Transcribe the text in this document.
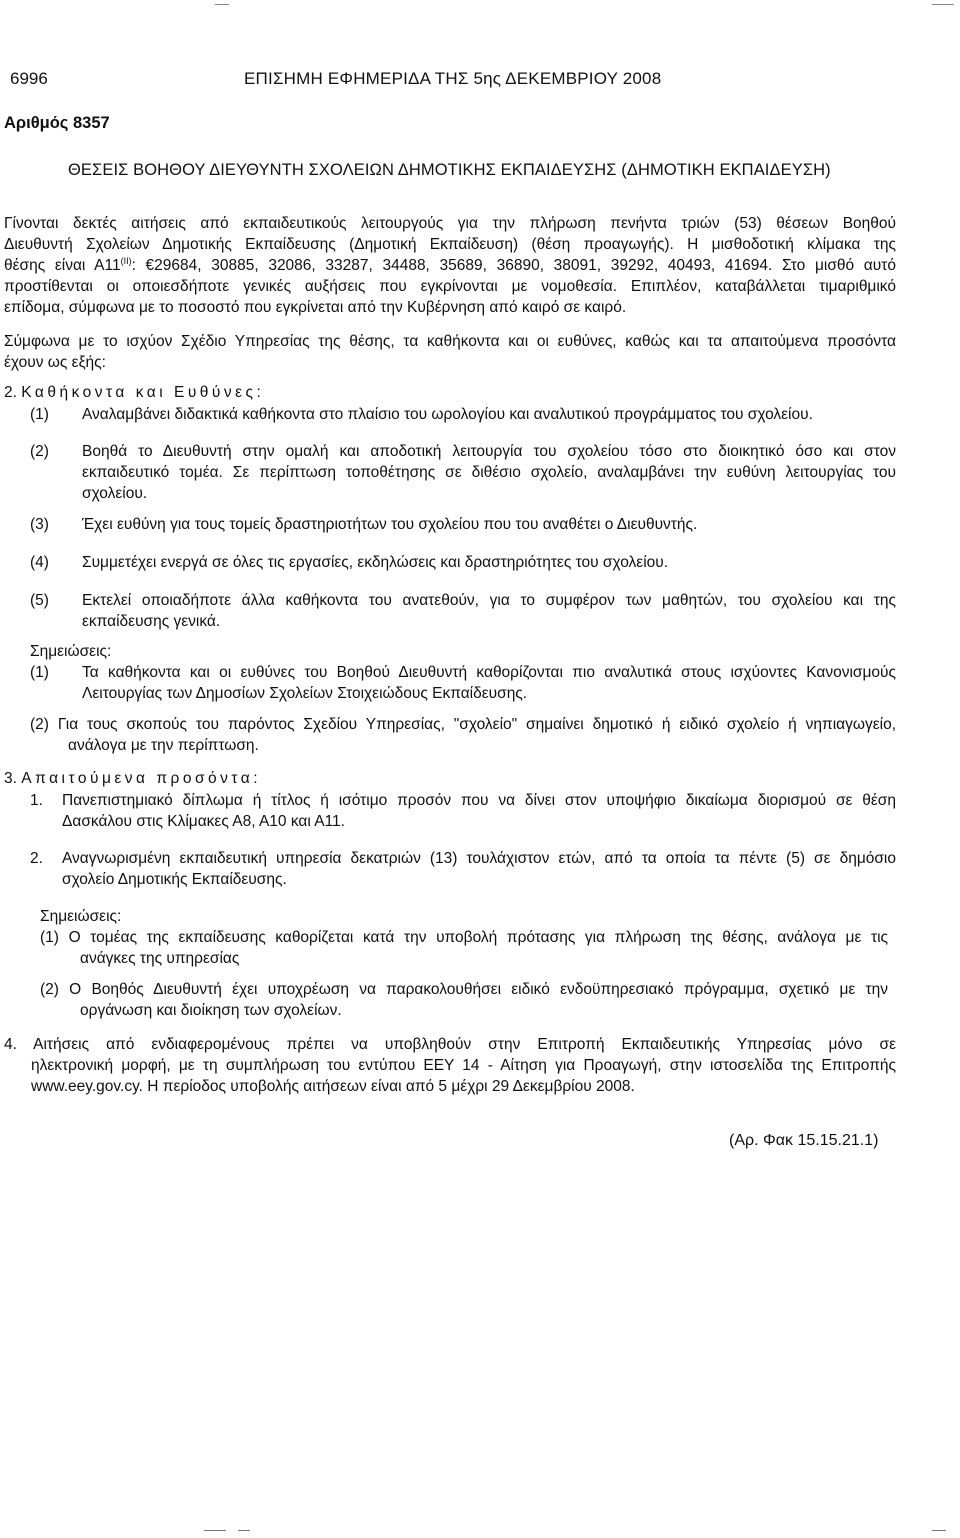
6996	ΕΠΙΣΗΜΗ ΕΦΗΜΕΡΙΔΑ ΤΗΣ 5ης ΔΕΚΕΜΒΡΙΟΥ 2008
Αριθμός 8357
ΘΕΣΕΙΣ ΒΟΗΘΟΥ ΔΙΕΥΘΥΝΤΗ ΣΧΟΛΕΙΩΝ ΔΗΜΟΤΙΚΗΣ ΕΚΠΑΙΔΕΥΣΗΣ (ΔΗΜΟΤΙΚΗ ΕΚΠΑΙΔΕΥΣΗ)
Γίνονται δεκτές αιτήσεις από εκπαιδευτικούς λειτουργούς για την πλήρωση πενήντα τριών (53) θέσεων Βοηθού
Διευθυντή Σχολείων Δημοτικής Εκπαίδευσης (Δημοτική Εκπαίδευση) (θέση προαγωγής). Η μισθοδοτική κλίμακα της
θέσης είναι $A11^{(II)}$: €29684, 30885, 32086, 33287, 34488, 35689, 36890, 38091, 39292, 40493, 41694. Στο μισθό αυτό
προστίθενται οι οποιεσδήποτε γενικές αυξήσεις που εγκρίνονται με νομοθεσία. Επιπλέον, καταβάλλεται τιμαριθμικό
επίδομα, σύμφωνα με το ποσοστό που εγκρίνεται από την Κυβέρνηση από καιρό σε καιρό.
Σύμφωνα με το ισχύον Σχέδιο Υπηρεσίας της θέσης, τα καθήκοντα και οι ευθύνες, καθώς και τα απαιτούμενα προσόντα
έχουν ως εξής:
2. Καθήκοντα και Ευθύνες:
(1) Αναλαμβάνει διδακτικά καθήκοντα στο πλαίσιο του ωρολογίου και αναλυτικού προγράμματος του σχολείου.
(2) Βοηθά το Διευθυντή στην ομαλή και αποδοτική λειτουργία του σχολείου τόσο στο διοικητικό όσο και στον
εκπαιδευτικό τομέα. Σε περίπτωση τοποθέτησης σε διθέσιο σχολείο, αναλαμβάνει την ευθύνη λειτουργίας του
σχολείου.
(3) Έχει ευθύνη για τους τομείς δραστηριοτήτων του σχολείου που του αναθέτει ο Διευθυντής.
(4) Συμμετέχει ενεργά σε όλες τις εργασίες, εκδηλώσεις και δραστηριότητες του σχολείου.
(5) Εκτελεί οποιαδήποτε άλλα καθήκοντα του ανατεθούν, για το συμφέρον των μαθητών, του σχολείου και της
εκπαίδευσης γενικά.
Σημειώσεις:
(1) Τα καθήκοντα και οι ευθύνες του Βοηθού Διευθυντή καθορίζονται πιο αναλυτικά στους ισχύοντες Κανονισμούς
Λειτουργίας των Δημοσίων Σχολείων Στοιχειώδους Εκπαίδευσης.
(2) Για τους σκοπούς του παρόντος Σχεδίου Υπηρεσίας, "σχολείο" σημαίνει δημοτικό ή ειδικό σχολείο ή νηπιαγωγείο,
ανάλογα με την περίπτωση.
3. Απαιτούμενα προσόντα:
1. Πανεπιστημιακό δίπλωμα ή τίτλος ή ισότιμο προσόν που να δίνει στον υποψήφιο δικαίωμα διορισμού σε θέση
Δασκάλου στις Κλίμακες Α8, Α10 και Α11.
2. Αναγνωρισμένη εκπαιδευτική υπηρεσία δεκατριών (13) τουλάχιστον ετών, από τα οποία τα πέντε (5) σε δημόσιο
σχολείο Δημοτικής Εκπαίδευσης.
Σημειώσεις:
(1) Ο τομέας της εκπαίδευσης καθορίζεται κατά την υποβολή πρότασης για πλήρωση της θέσης, ανάλογα με τις
ανάγκες της υπηρεσίας
(2) Ο Βοηθός Διευθυντή έχει υποχρέωση να παρακολουθήσει ειδικό ενδοϋπηρεσιακό πρόγραμμα, σχετικό με την
οργάνωση και διοίκηση των σχολείων.
4. Αιτήσεις από ενδιαφερομένους πρέπει να υποβληθούν στην Επιτροπή Εκπαιδευτικής Υπηρεσίας μόνο σε
ηλεκτρονική μορφή, με τη συμπλήρωση του εντύπου ΕΕΥ 14 - Αίτηση για Προαγωγή, στην ιστοσελίδα της Επιτροπής
www.eey.gov.cy. Η περίοδος υποβολής αιτήσεων είναι από 5 μέχρι 29 Δεκεμβρίου 2008.
(Αρ. Φακ 15.15.21.1)
